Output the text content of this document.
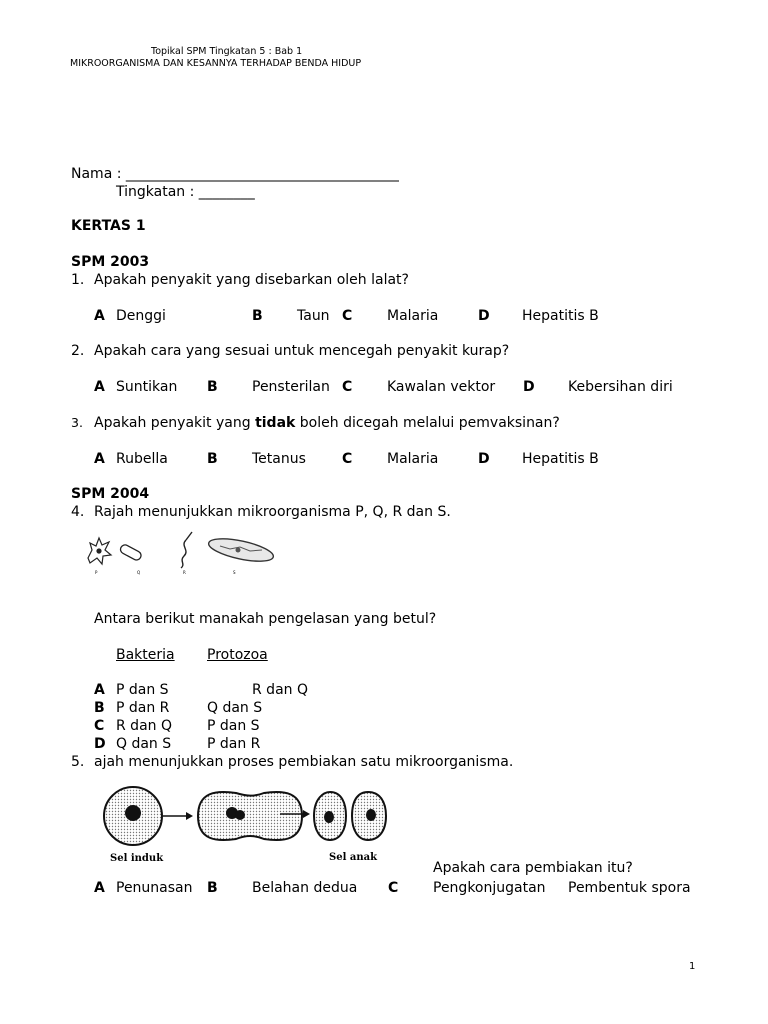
Topikal SPM Tingkatan 5 : Bab 1
MIKROORGANISMA DAN KESANNYA TERHADAP BENDA HIDUP
Nama : _______________________________________
Tingkatan : ________
KERTAS 1
SPM 2003
1. Apakah penyakit yang disebarkan oleh lalat?
A Denggi	B Taun C Malaria	D Hepatitis B
2. Apakah cara yang sesuai untuk mencegah penyakit kurap?
A Suntikan B Pensterilan C Kawalan vektor D Kebersihan diri
3. Apakah penyakit yang tidak boleh dicegah melalui pemvaksinan?
A Rubella	B Tetanus	C Malaria	D Hepatitis B
SPM 2004
4. Rajah menunjukkan mikroorganisma P, Q, R dan S.
P	Q	R	S
Antara berikut manakah pengelasan yang betul?
Bakteria Protozoa
A P dan S	R dan Q
B P dan R	Q dan S
C R dan Q	P dan S
D Q dan S	P dan R
5. ajah menunjukkan proses pembiakan satu mikroorganisma.
Sel induk	Sel anak
Apakah cara pembiakan itu?
A Penunasan B Belahan dedua C Pengkonjugatan Pembentuk spora
1
